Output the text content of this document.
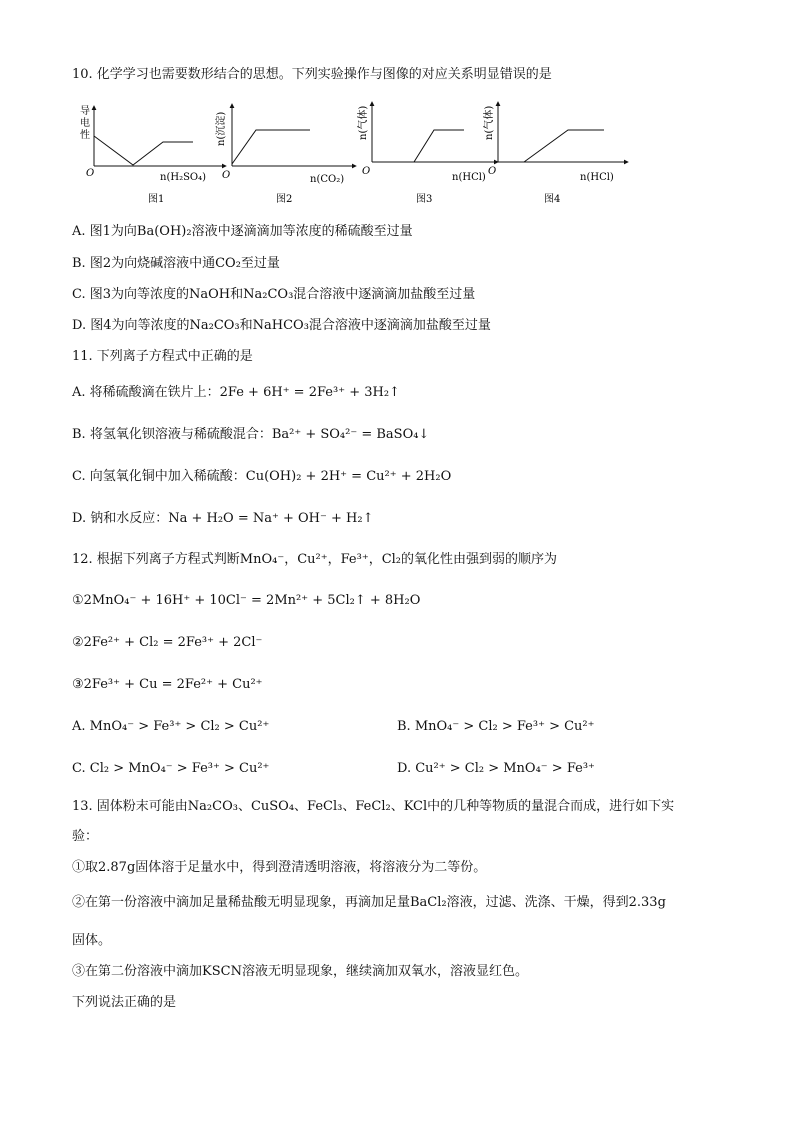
10. 化学学习也需要数形结合的思想。下列实验操作与图像的对应关系明显错误的是
导
电
性
O	n(H₂SO₄)
图1
n(沉淀)
O	n(CO₂)
图2
n(气体)
O
n(HCl)
图3
n(气体)
O
n(HCl)
图4
A. 图1为向Ba(OH)₂溶液中逐滴滴加等浓度的稀硫酸至过量
B. 图2为向烧碱溶液中通CO₂至过量
C. 图3为向等浓度的NaOH和Na₂CO₃混合溶液中逐滴滴加盐酸至过量
D. 图4为向等浓度的Na₂CO₃和NaHCO₃混合溶液中逐滴滴加盐酸至过量
11. 下列离子方程式中正确的是
A. 将稀硫酸滴在铁片上：2Fe + 6H⁺ = 2Fe³⁺ + 3H₂↑
B. 将氢氧化钡溶液与稀硫酸混合：Ba²⁺ + SO₄²⁻ = BaSO₄↓
C. 向氢氧化铜中加入稀硫酸：Cu(OH)₂ + 2H⁺ = Cu²⁺ + 2H₂O
D. 钠和水反应：Na + H₂O = Na⁺ + OH⁻ + H₂↑
12. 根据下列离子方程式判断MnO₄⁻，Cu²⁺，Fe³⁺，Cl₂的氧化性由强到弱的顺序为
①2MnO₄⁻ + 16H⁺ + 10Cl⁻ = 2Mn²⁺ + 5Cl₂↑ + 8H₂O
②2Fe²⁺ + Cl₂ = 2Fe³⁺ + 2Cl⁻
③2Fe³⁺ + Cu = 2Fe²⁺ + Cu²⁺
A. MnO₄⁻ > Fe³⁺ > Cl₂ > Cu²⁺	B. MnO₄⁻ > Cl₂ > Fe³⁺ > Cu²⁺
C. Cl₂ > MnO₄⁻ > Fe³⁺ > Cu²⁺	D. Cu²⁺ > Cl₂ > MnO₄⁻ > Fe³⁺
13. 固体粉末可能由Na₂CO₃、CuSO₄、FeCl₃、FeCl₂、KCl中的几种等物质的量混合而成，进行如下实
验：
①取2.87g固体溶于足量水中，得到澄清透明溶液，将溶液分为二等份。
②在第一份溶液中滴加足量稀盐酸无明显现象，再滴加足量BaCl₂溶液，过滤、洗涤、干燥，得到2.33g
固体。
③在第二份溶液中滴加KSCN溶液无明显现象，继续滴加双氧水，溶液显红色。
下列说法正确的是
